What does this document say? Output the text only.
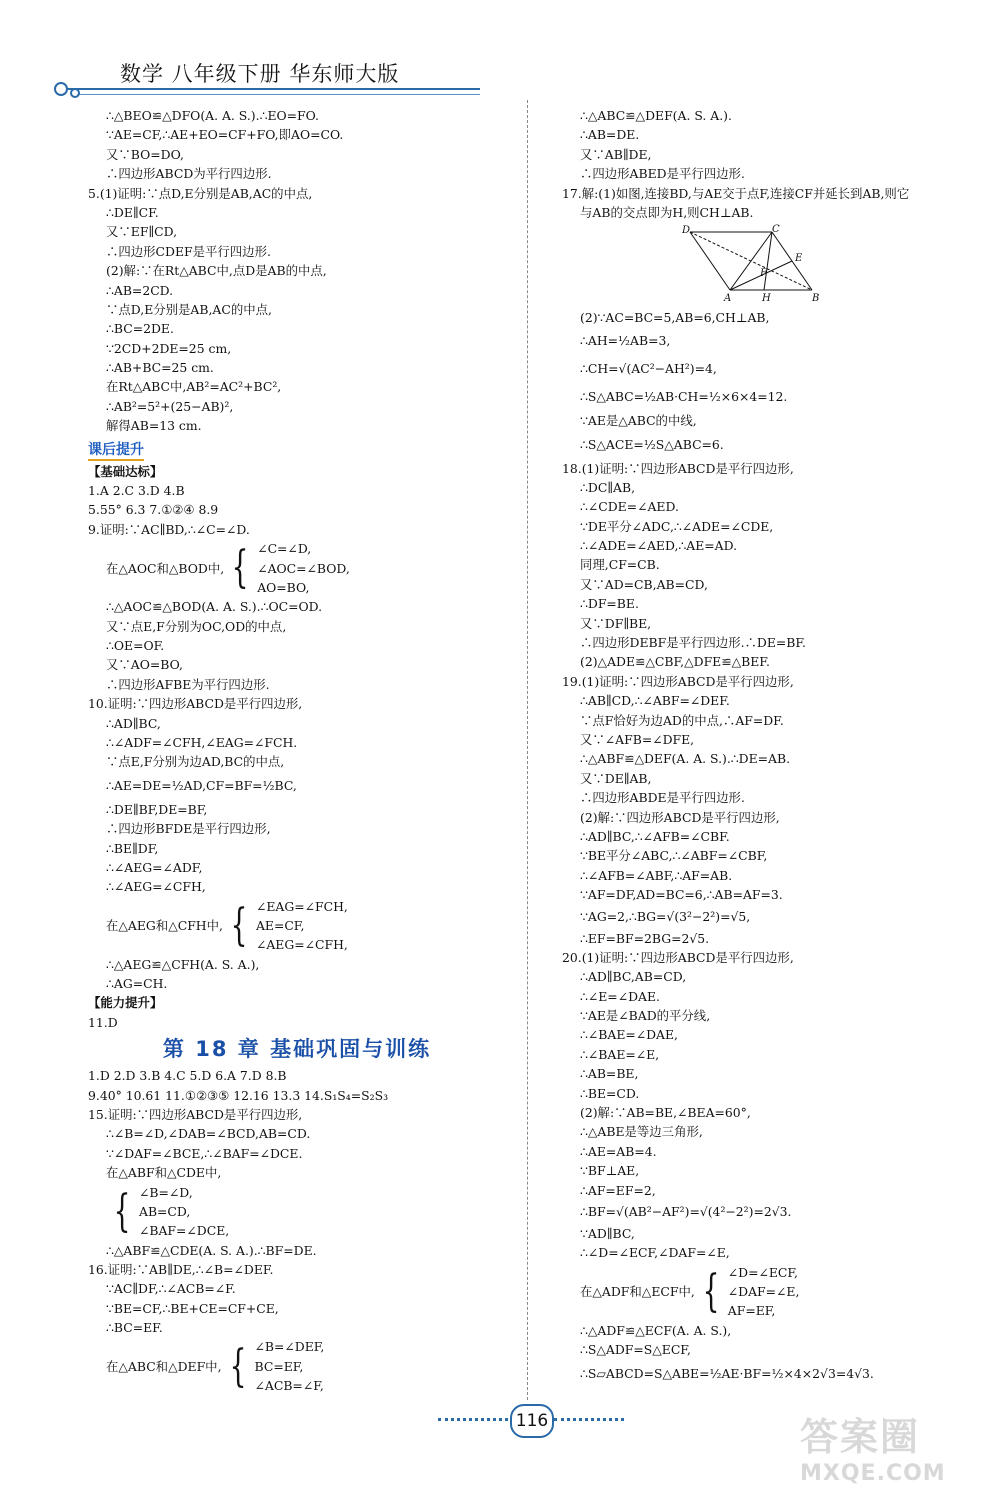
数学 八年级下册 华东师大版
∴△BEO≌△DFO(A. A. S.).∴EO=FO.
∵AE=CF,∴AE+EO=CF+FO,即AO=CO.
又∵BO=DO,
∴四边形ABCD为平行四边形.
5.(1)证明:∵点D,E分别是AB,AC的中点,
∴DE∥CF.
又∵EF∥CD,
∴四边形CDEF是平行四边形.
(2)解:∵在Rt△ABC中,点D是AB的中点,
∴AB=2CD.
∵点D,E分别是AB,AC的中点,
∴BC=2DE.
∵2CD+2DE=25 cm,
∴AB+BC=25 cm.
在Rt△ABC中,AB²=AC²+BC²,
∴AB²=5²+(25−AB)²,
解得AB=13 cm.
课后提升
【基础达标】
1.A 2.C 3.D 4.B
5.55° 6.3 7.①②④ 8.9
9.证明:∵AC∥BD,∴∠C=∠D.
在△AOC和△BOD中, { ∠C=∠D,
∠AOC=∠BOD,
AO=BO,
∴△AOC≌△BOD(A. A. S.).∴OC=OD.
又∵点E,F分别为OC,OD的中点,
∴OE=OF.
又∵AO=BO,
∴四边形AFBE为平行四边形.
10.证明:∵四边形ABCD是平行四边形,
∴AD∥BC,
∴∠ADF=∠CFH,∠EAG=∠FCH.
∵点E,F分别为边AD,BC的中点,
∴AE=DE=½AD,CF=BF=½BC,
∴DE∥BF,DE=BF,
∴四边形BFDE是平行四边形,
∴BE∥DF,
∴∠AEG=∠ADF,
∴∠AEG=∠CFH,
在△AEG和△CFH中, { ∠EAG=∠FCH,
AE=CF,
∠AEG=∠CFH,
∴△AEG≌△CFH(A. S. A.),
∴AG=CH.
【能力提升】
11.D
第 18 章 基础巩固与训练
1.D 2.D 3.B 4.C 5.D 6.A 7.D 8.B
9.40° 10.61 11.①②③⑤ 12.16 13.3 14.S₁S₄=S₂S₃
15.证明:∵四边形ABCD是平行四边形,
∴∠B=∠D,∠DAB=∠BCD,AB=CD.
∵∠DAF=∠BCE,∴∠BAF=∠DCE.
在△ABF和△CDE中,
{ ∠B=∠D,
AB=CD,
∠BAF=∠DCE,
∴△ABF≌△CDE(A. S. A.).∴BF=DE.
16.证明:∵AB∥DE,∴∠B=∠DEF.
∵AC∥DF,∴∠ACB=∠F.
∵BE=CF,∴BE+CE=CF+CE,
∴BC=EF.
在△ABC和△DEF中, { ∠B=∠DEF,
BC=EF,
∠ACB=∠F,
∴△ABC≌△DEF(A. S. A.).
∴AB=DE.
又∵AB∥DE,
∴四边形ABED是平行四边形.
17.解:(1)如图,连接BD,与AE交于点F,连接CF并延长到AB,则它
与AB的交点即为H,则CH⊥AB.
D	C
E
F
A	H	B
(2)∵AC=BC=5,AB=6,CH⊥AB,
∴AH=½AB=3,
∴CH=√(AC²−AH²)=4,
∴S△ABC=½AB·CH=½×6×4=12.
∵AE是△ABC的中线,
∴S△ACE=½S△ABC=6.
18.(1)证明:∵四边形ABCD是平行四边形,
∴DC∥AB,
∴∠CDE=∠AED.
∵DE平分∠ADC,∴∠ADE=∠CDE,
∴∠ADE=∠AED,∴AE=AD.
同理,CF=CB.
又∵AD=CB,AB=CD,
∴DF=BE.
又∵DF∥BE,
∴四边形DEBF是平行四边形.∴DE=BF.
(2)△ADE≌△CBF,△DFE≌△BEF.
19.(1)证明:∵四边形ABCD是平行四边形,
∴AB∥CD,∴∠ABF=∠DEF.
∵点F恰好为边AD的中点,∴AF=DF.
又∵∠AFB=∠DFE,
∴△ABF≌△DEF(A. A. S.).∴DE=AB.
又∵DE∥AB,
∴四边形ABDE是平行四边形.
(2)解:∵四边形ABCD是平行四边形,
∴AD∥BC,∴∠AFB=∠CBF.
∵BE平分∠ABC,∴∠ABF=∠CBF,
∴∠AFB=∠ABF,∴AF=AB.
∵AF=DF,AD=BC=6,∴AB=AF=3.
∵AG=2,∴BG=√(3²−2²)=√5,
∴EF=BF=2BG=2√5.
20.(1)证明:∵四边形ABCD是平行四边形,
∴AD∥BC,AB=CD,
∴∠E=∠DAE.
∵AE是∠BAD的平分线,
∴∠BAE=∠DAE,
∴∠BAE=∠E,
∴AB=BE,
∴BE=CD.
(2)解:∵AB=BE,∠BEA=60°,
∴△ABE是等边三角形,
∴AE=AB=4.
∵BF⊥AE,
∴AF=EF=2,
∴BF=√(AB²−AF²)=√(4²−2²)=2√3.
∵AD∥BC,
∴∠D=∠ECF,∠DAF=∠E,
在△ADF和△ECF中, { ∠D=∠ECF,
∠DAF=∠E,
AF=EF,
∴△ADF≌△ECF(A. A. S.),
∴S△ADF=S△ECF,
∴S▱ABCD=S△ABE=½AE·BF=½×4×2√3=4√3.
116	答案圈
MXQE.COM
